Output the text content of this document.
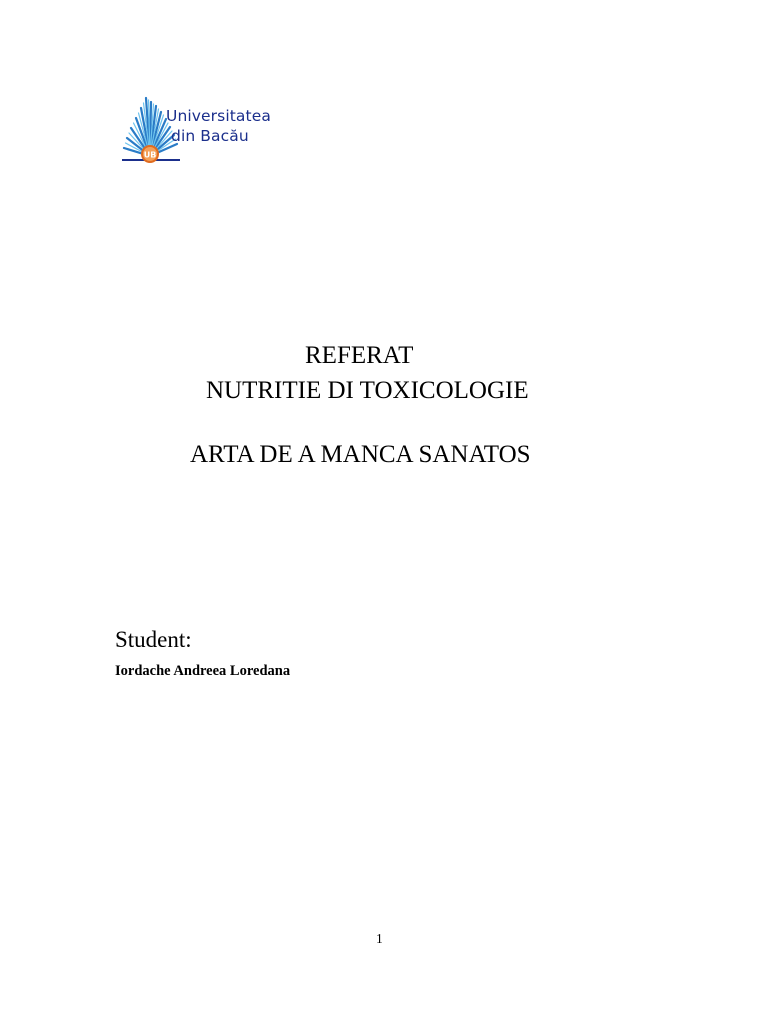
UB
Universitatea
din Bacău
REFERAT
NUTRITIE DI TOXICOLOGIE
ARTA DE A MANCA SANATOS
Student:
Iordache Andreea Loredana
1
